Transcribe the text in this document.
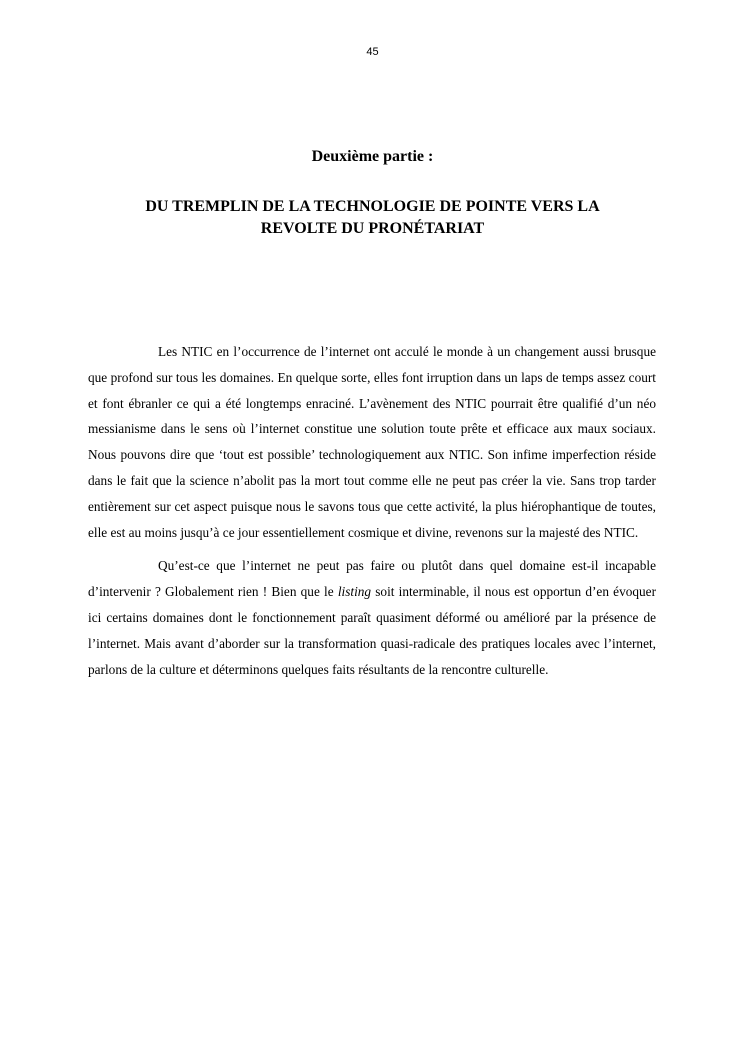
45
Deuxième partie :
DU TREMPLIN DE LA TECHNOLOGIE DE POINTE VERS LA
REVOLTE DU PRONÉTARIAT

Les NTIC en l’occurrence de l’internet ont acculé le monde à un changement aussi brusque que profond sur tous les domaines. En quelque sorte, elles font irruption dans un laps de temps assez court et font ébranler ce qui a été longtemps enraciné. L’avènement des NTIC pourrait être qualifié d’un néo messianisme dans le sens où l’internet constitue une solution toute prête et efficace aux maux sociaux. Nous pouvons dire que ‘tout est possible’ technologiquement aux NTIC. Son infime imperfection réside dans le fait que la science n’abolit pas la mort tout comme elle ne peut pas créer la vie. Sans trop tarder entièrement sur cet aspect puisque nous le savons tous que cette activité, la plus hiérophantique de toutes, elle est au moins jusqu’à ce jour essentiellement cosmique et divine, revenons sur la majesté des NTIC.

Qu’est-ce que l’internet ne peut pas faire ou plutôt dans quel domaine est-il incapable d’intervenir ? Globalement rien ! Bien que le listing soit interminable, il nous est opportun d’en évoquer ici certains domaines dont le fonctionnement paraît quasiment déformé ou amélioré par la présence de l’internet. Mais avant d’aborder sur la transformation quasi-radicale des pratiques locales avec l’internet, parlons de la culture et déterminons quelques faits résultants de la rencontre culturelle.
